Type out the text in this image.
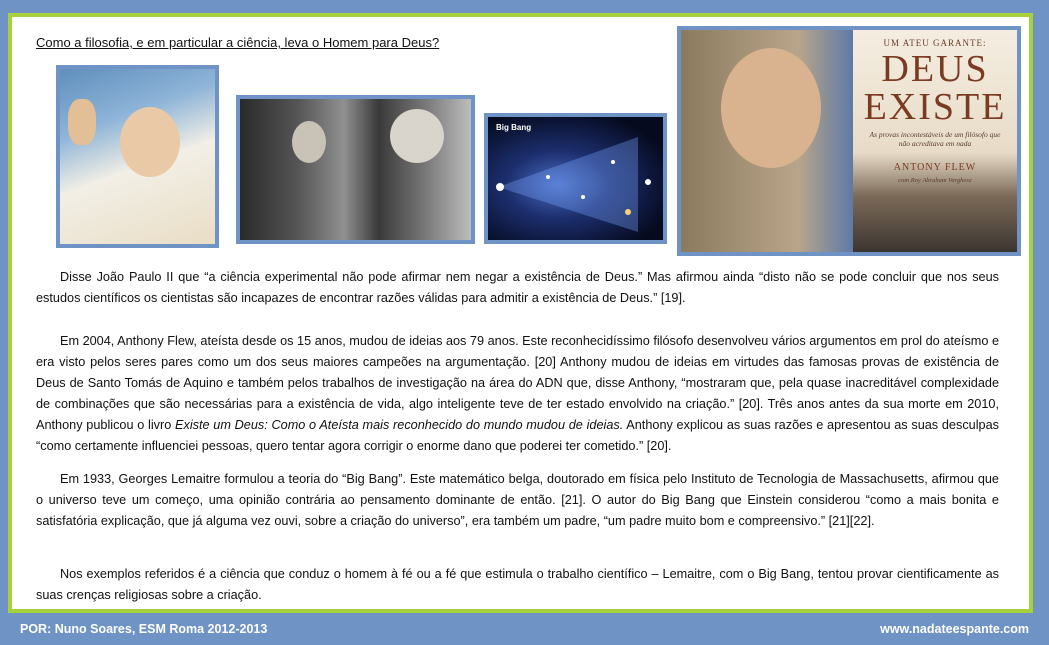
Como a filosofia, e em particular a ciência, leva o Homem para Deus?
Big Bang
UM ATEU GARANTE:
DEUS EXISTE
As provas incontestáveis de um filósofo que não acreditava em nada
ANTONY FLEW
com Roy Abraham Varghese

Disse João Paulo II que “a ciência experimental não pode afirmar nem negar a existência de Deus.” Mas afirmou ainda “disto não se pode concluir que nos seus estudos científicos os cientistas são incapazes de encontrar razões válidas para admitir a existência de Deus.” [19].

Em 2004, Anthony Flew, ateísta desde os 15 anos, mudou de ideias aos 79 anos. Este reconhecidíssimo filósofo desenvolveu vários argumentos em prol do ateísmo e era visto pelos seres pares como um dos seus maiores campeões na argumentação. [20] Anthony mudou de ideias em virtudes das famosas provas de existência de Deus de Santo Tomás de Aquino e também pelos trabalhos de investigação na área do ADN que, disse Anthony, “mostraram que, pela quase inacreditável complexidade de combinações que são necessárias para a existência de vida, algo inteligente teve de ter estado envolvido na criação.” [20]. Três anos antes da sua morte em 2010, Anthony publicou o livro Existe um Deus: Como o Ateísta mais reconhecido do mundo mudou de ideias. Anthony explicou as suas razões e apresentou as suas desculpas “como certamente influenciei pessoas, quero tentar agora corrigir o enorme dano que poderei ter cometido.” [20].

Em 1933, Georges Lemaitre formulou a teoria do “Big Bang”. Este matemático belga, doutorado em física pelo Instituto de Tecnologia de Massachusetts, afirmou que o universo teve um começo, uma opinião contrária ao pensamento dominante de então. [21]. O autor do Big Bang que Einstein considerou “como a mais bonita e satisfatória explicação, que já alguma vez ouvi, sobre a criação do universo”, era também um padre, “um padre muito bom e compreensivo.” [21][22].

Nos exemplos referidos é a ciência que conduz o homem à fé ou a fé que estimula o trabalho científico – Lemaitre, com o Big Bang, tentou provar cientificamente as suas crenças religiosas sobre a criação.

POR: Nuno Soares, ESM Roma 2012-2013	www.nadateespante.com
